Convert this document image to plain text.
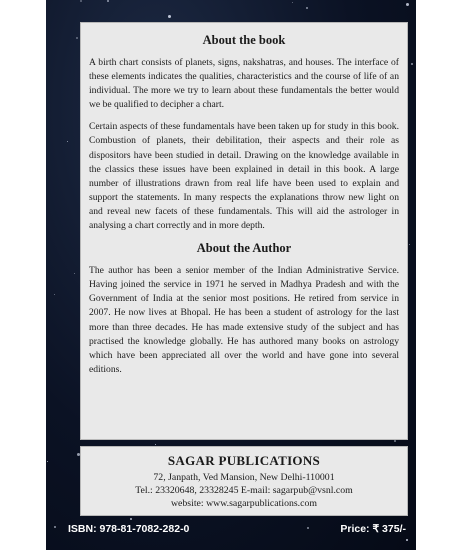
About the book
A birth chart consists of planets, signs, nakshatras, and houses. The interface of these elements indicates the qualities, characteristics and the course of life of an individual. The more we try to learn about these fundamentals the better would we be qualified to decipher a chart.
Certain aspects of these fundamentals have been taken up for study in this book. Combustion of planets, their debilitation, their aspects and their role as dispositors have been studied in detail. Drawing on the knowledge available in the classics these issues have been explained in detail in this book. A large number of illustrations drawn from real life have been used to explain and support the statements. In many respects the explanations throw new light on and reveal new facets of these fundamentals. This will aid the astrologer in analysing a chart correctly and in more depth.
About the Author
The author has been a senior member of the Indian Administrative Service. Having joined the service in 1971 he served in Madhya Pradesh and with the Government of India at the senior most positions. He retired from service in 2007. He now lives at Bhopal. He has been a student of astrology for the last more than three decades. He has made extensive study of the subject and has practised the knowledge globally. He has authored many books on astrology which have been appreciated all over the world and have gone into several editions.
SAGAR PUBLICATIONS
72, Janpath, Ved Mansion, New Delhi-110001
Tel.: 23320648, 23328245 E-mail: sagarpub@vsnl.com
website: www.sagarpublications.com
ISBN: 978-81-7082-282-0	Price: ₹ 375/-
